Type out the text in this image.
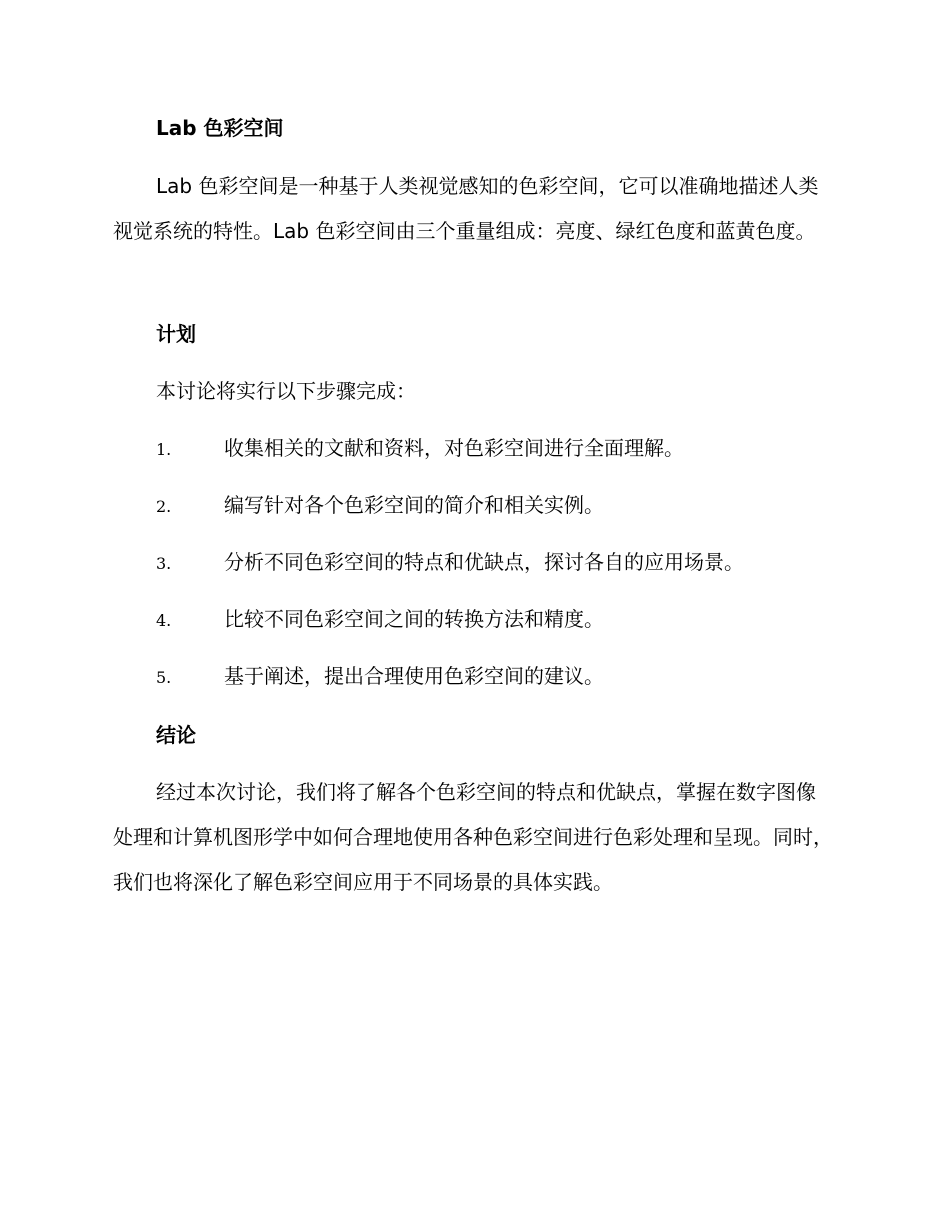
Lab 色彩空间

Lab 色彩空间是一种基于人类视觉感知的色彩空间，它可以准确地描述人类视觉系统的特性。Lab 色彩空间由三个重量组成：亮度、绿红色度和蓝黄色度。

计划
本讨论将实行以下步骤完成：
1.	收集相关的文献和资料，对色彩空间进行全面理解。
2.	编写针对各个色彩空间的简介和相关实例。
3.	分析不同色彩空间的特点和优缺点，探讨各自的应用场景。
4.	比较不同色彩空间之间的转换方法和精度。
5.	基于阐述，提出合理使用色彩空间的建议。
结论

经过本次讨论，我们将了解各个色彩空间的特点和优缺点，掌握在数字图像处理和计算机图形学中如何合理地使用各种色彩空间进行色彩处理和呈现。同时，我们也将深化了解色彩空间应用于不同场景的具体实践。
